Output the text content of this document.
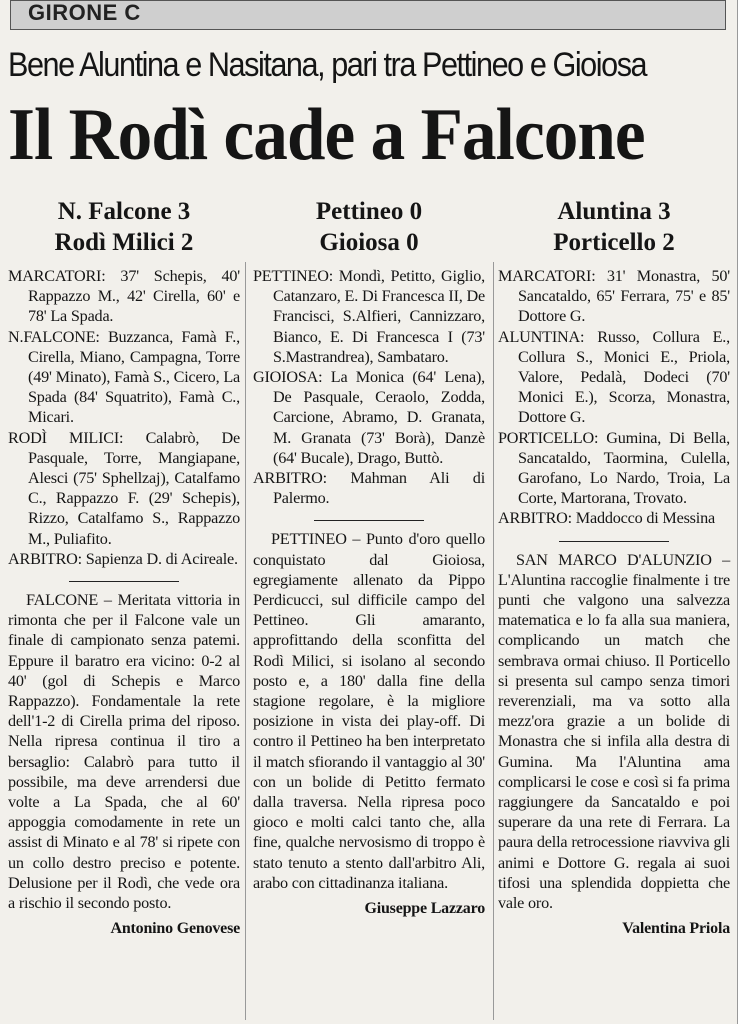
GIRONE C
Bene Aluntina e Nasitana, pari tra Pettineo e Gioiosa
Il Rodì cade a Falcone

N. Falcone 3

Rodì Milici 2

MARCATORI: 37' Schepis, 40' Rappazzo M., 42' Cirella, 60' e 78' La Spada.

N.FALCONE: Buzzanca, Famà F., Cirella, Miano, Campagna, Torre (49' Minato), Famà S., Cicero, La Spada (84' Squatrito), Famà C., Micari.

RODÌ MILICI: Calabrò, De Pasquale, Torre, Mangiapane, Alesci (75' Sphellzaj), Catalfamo C., Rappazzo F. (29' Schepis), Rizzo, Catalfamo S., Rappazzo M., Puliafito.

ARBITRO: Sapienza D. di Acireale.

FALCONE – Meritata vittoria in rimonta che per il Falcone vale un finale di campionato senza patemi. Eppure il baratro era vicino: 0-2 al 40' (gol di Schepis e Marco Rappazzo). Fondamentale la rete dell'1-2 di Cirella prima del riposo. Nella ripresa continua il tiro a bersaglio: Calabrò para tutto il possibile, ma deve arrendersi due volte a La Spada, che al 60' appoggia comodamente in rete un assist di Minato e al 78' si ripete con un collo destro preciso e potente. Delusione per il Rodì, che vede ora a rischio il secondo posto.

Antonino Genovese

Pettineo 0

Gioiosa 0

PETTINEO: Mondì, Petitto, Giglio, Catanzaro, E. Di Francesca II, De Francisci, S.Alfieri, Cannizzaro, Bianco, E. Di Francesca I (73' S.Mastrandrea), Sambataro.

GIOIOSA: La Monica (64' Lena), De Pasquale, Ceraolo, Zodda, Carcione, Abramo, D. Granata, M. Granata (73' Borà), Danzè (64' Bucale), Drago, Buttò.

ARBITRO: Mahman Ali di Palermo.

PETTINEO – Punto d'oro quello conquistato dal Gioiosa, egregiamente allenato da Pippo Perdicucci, sul difficile campo del Pettineo. Gli amaranto, approfittando della sconfitta del Rodì Milici, si isolano al secondo posto e, a 180' dalla fine della stagione regolare, è la migliore posizione in vista dei play-off. Di contro il Pettineo ha ben interpretato il match sfiorando il vantaggio al 30' con un bolide di Petitto fermato dalla traversa. Nella ripresa poco gioco e molti calci tanto che, alla fine, qualche nervosismo di troppo è stato tenuto a stento dall'arbitro Ali, arabo con cittadinanza italiana.

Giuseppe Lazzaro

Aluntina 3

Porticello 2

MARCATORI: 31' Monastra, 50' Sancataldo, 65' Ferrara, 75' e 85' Dottore G.

ALUNTINA: Russo, Collura E., Collura S., Monici E., Priola, Valore, Pedalà, Dodeci (70' Monici E.), Scorza, Monastra, Dottore G.

PORTICELLO: Gumina, Di Bella, Sancataldo, Taormina, Culella, Garofano, Lo Nardo, Troia, La Corte, Martorana, Trovato.

ARBITRO: Maddocco di Messina

SAN MARCO D'ALUNZIO – L'Aluntina raccoglie finalmente i tre punti che valgono una salvezza matematica e lo fa alla sua maniera, complicando un match che sembrava ormai chiuso. Il Porticello si presenta sul campo senza timori reverenziali, ma va sotto alla mezz'ora grazie a un bolide di Monastra che si infila alla destra di Gumina. Ma l'Aluntina ama complicarsi le cose e così si fa prima raggiungere da Sancataldo e poi superare da una rete di Ferrara. La paura della retrocessione riavviva gli animi e Dottore G. regala ai suoi tifosi una splendida doppietta che vale oro.

Valentina Priola
